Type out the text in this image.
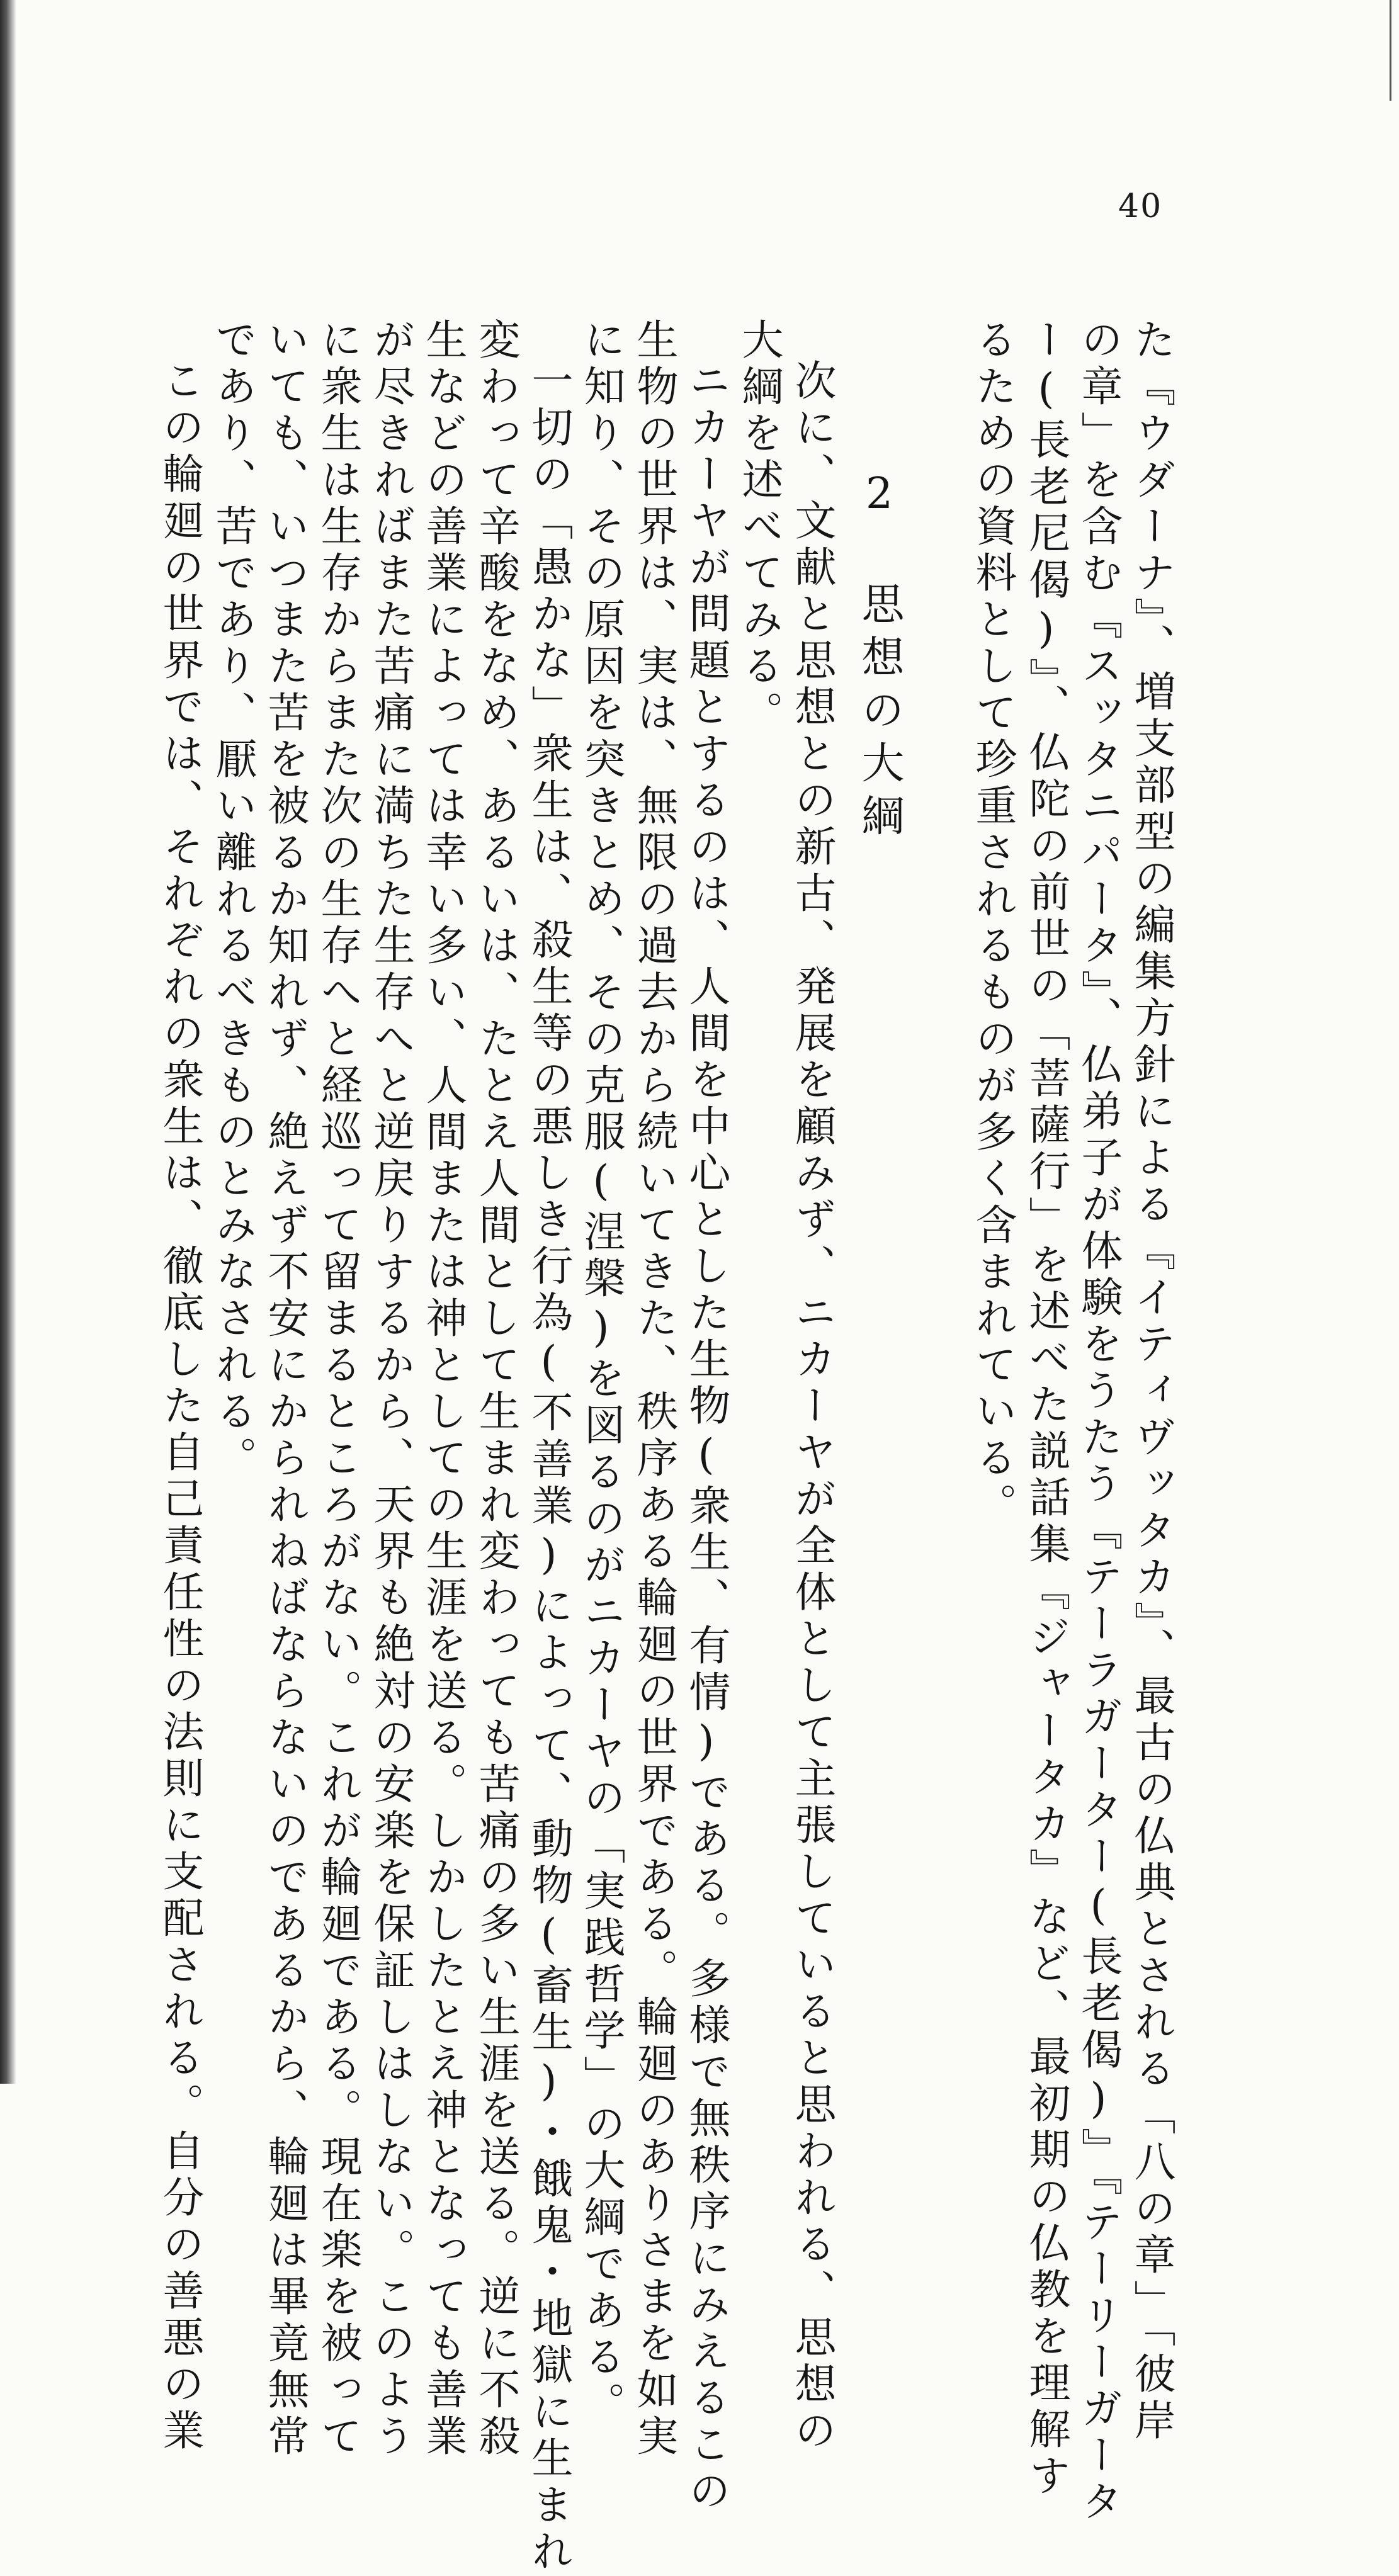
40
た『ウダーナ』、増支部型の編集方針による『イティヴッタカ』、最古の仏典とされる「八の章」「彼岸
の章」を含む『スッタニパータ』、仏弟子が体験をうたう『テーラガーター(長老偈)』『テーリーガータ
ー(長老尼偈)』、仏陀の前世の「菩薩行」を述べた説話集『ジャータカ』など、最初期の仏教を理解す
るための資料として珍重されるものが多く含まれている。
2　思想の大綱
次に、文献と思想との新古、発展を顧みず、ニカーヤが全体として主張していると思われる、思想の
大綱を述べてみる。
ニカーヤが問題とするのは、人間を中心とした生物(衆生、有情)である。多様で無秩序にみえるこの
生物の世界は、実は、無限の過去から続いてきた、秩序ある輪廻の世界である。輪廻のありさまを如実
に知り、その原因を突きとめ、その克服(涅槃)を図るのがニカーヤの「実践哲学」の大綱である。
一切の「愚かな」衆生は、殺生等の悪しき行為(不善業)によって、動物(畜生)・餓鬼・地獄に生まれ
変わって辛酸をなめ、あるいは、たとえ人間として生まれ変わっても苦痛の多い生涯を送る。逆に不殺
生などの善業によっては幸い多い、人間または神としての生涯を送る。しかしたとえ神となっても善業
が尽きればまた苦痛に満ちた生存へと逆戻りするから、天界も絶対の安楽を保証しはしない。このよう
に衆生は生存からまた次の生存へと経巡って留まるところがない。これが輪廻である。現在楽を被って
いても、いつまた苦を被るか知れず、絶えず不安にかられねばならないのであるから、輪廻は畢竟無常
であり、苦であり、厭い離れるべきものとみなされる。
この輪廻の世界では、それぞれの衆生は、徹底した自己責任性の法則に支配される。自分の善悪の業
